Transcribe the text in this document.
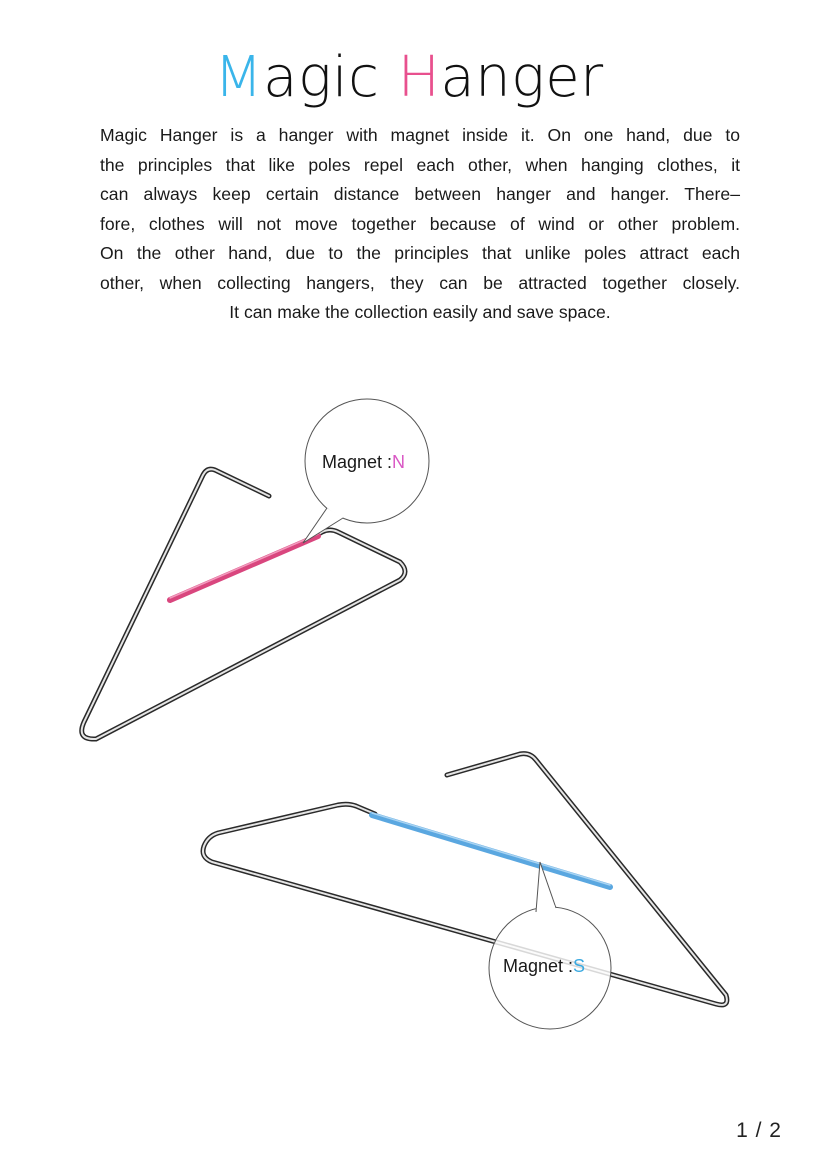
Magic Hanger
Magic Hanger is a hanger with magnet inside it. On one hand, due to
the principles that like poles repel each other, when hanging clothes, it
can always keep certain distance between hanger and hanger. There–
fore, clothes will not move together because of wind or other problem.
On the other hand, due to the principles that unlike poles attract each
other, when collecting hangers, they can be attracted together closely.
It can make the collection easily and save space.
Magnet :N
Magnet :S
1 / 2
